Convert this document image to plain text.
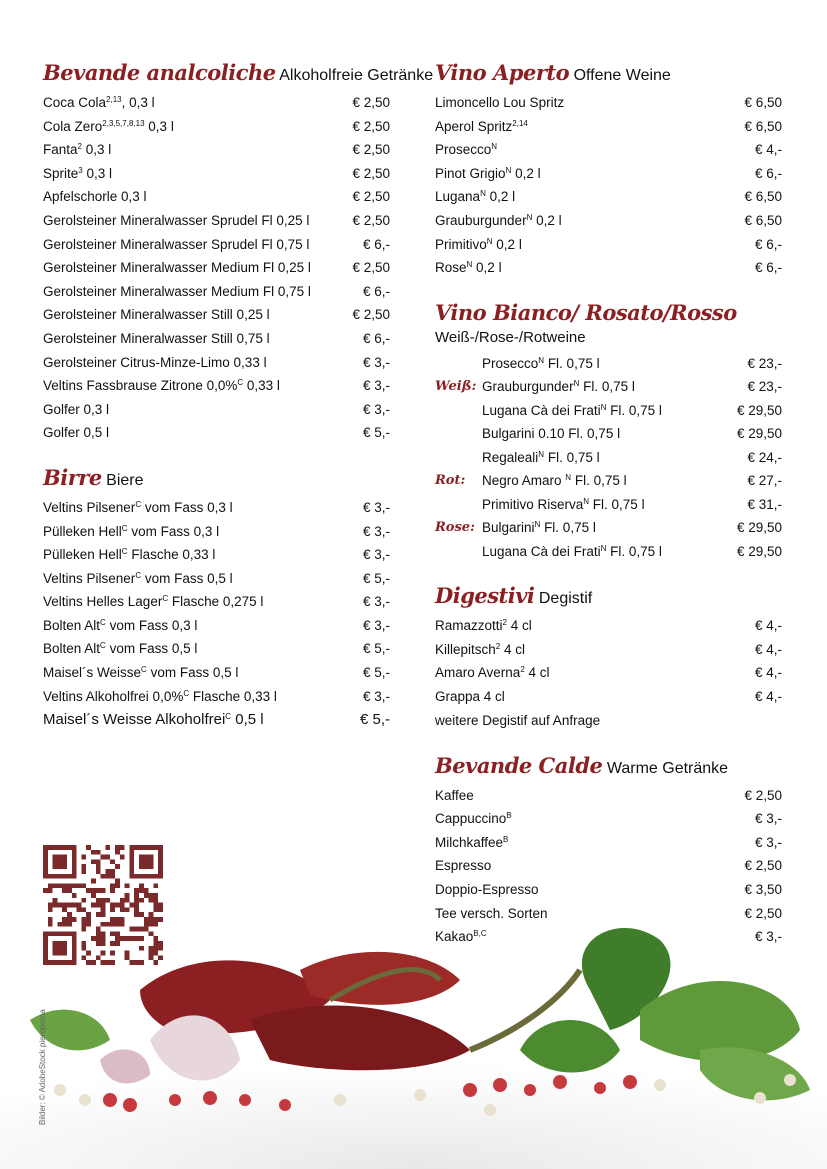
Bevande analcoliche Alkoholfreie Getränke
Coca Cola$^{2,13}$, 0,3 l	€ 2,50
Cola Zero$^{2,3,5,7,8,13}$ 0,3 l	€ 2,50
Fanta$^2$ 0,3 l	€ 2,50
Sprite$^3$ 0,3 l	€ 2,50
Apfelschorle 0,3 l	€ 2,50
Gerolsteiner Mineralwasser Sprudel Fl 0,25 l	€ 2,50
Gerolsteiner Mineralwasser Sprudel Fl 0,75 l	€ 6,-
Gerolsteiner Mineralwasser Medium Fl 0,25 l	€ 2,50
Gerolsteiner Mineralwasser Medium Fl 0,75 l	€ 6,-
Gerolsteiner Mineralwasser Still 0,25 l	€ 2,50
Gerolsteiner Mineralwasser Still 0,75 l	€ 6,-
Gerolsteiner Citrus-Minze-Limo 0,33 l	€ 3,-
Veltins Fassbrause Zitrone 0,0%$^C$ 0,33 l	€ 3,-
Golfer 0,3 l	€ 3,-
Golfer 0,5 l	€ 5,-
Birre Biere
Veltins Pilsener$^C$ vom Fass 0,3 l	€ 3,-
Pülleken Hell$^C$ vom Fass 0,3 l	€ 3,-
Pülleken Hell$^C$ Flasche 0,33 l	€ 3,-
Veltins Pilsener$^C$ vom Fass 0,5 l	€ 5,-
Veltins Helles Lager$^C$ Flasche 0,275 l	€ 3,-
Bolten Alt$^C$ vom Fass 0,3 l	€ 3,-
Bolten Alt$^C$ vom Fass 0,5 l	€ 5,-
Maisel´s Weisse$^C$ vom Fass 0,5 l	€ 5,-
Veltins Alkoholfrei 0,0%$^C$ Flasche 0,33 l	€ 3,-
Maisel´s Weisse Alkoholfrei$^C$ 0,5 l	€ 5,-
Vino Aperto Offene Weine
Limoncello Lou Spritz	€ 6,50
Aperol Spritz$^{2,14}$	€ 6,50
Prosecco$^N$	€ 4,-
Pinot Grigio$^N$ 0,2 l	€ 6,-
Lugana$^N$ 0,2 l	€ 6,50
Grauburgunder$^N$ 0,2 l	€ 6,50
Primitivo$^N$ 0,2 l	€ 6,-
Rose$^N$ 0,2 l	€ 6,-
Vino Bianco/ Rosato/Rosso
Weiß-/Rose-/Rotweine
Prosecco$^N$ Fl. 0,75 l	€ 23,-
Weiß: Grauburgunder$^N$ Fl. 0,75 l	€ 23,-
Lugana Cà dei Frati$^N$ Fl. 0,75 l	€ 29,50
Bulgarini 0.10 Fl. 0,75 l	€ 29,50
Regaleali$^N$ Fl. 0,75 l	€ 24,-
Rot:	Negro Amaro $^N$ Fl. 0,75 l	€ 27,-
Primitivo Riserva$^N$ Fl. 0,75 l	€ 31,-
Rose: Bulgarini$^N$ Fl. 0,75 l	€ 29,50
Lugana Cà dei Frati$^N$ Fl. 0,75 l	€ 29,50
Digestivi Degistif
Ramazzotti$^2$ 4 cl	€ 4,-
Killepitsch$^2$ 4 cl	€ 4,-
Amaro Averna$^2$ 4 cl	€ 4,-
Grappa 4 cl	€ 4,-
weitere Degistif auf Anfrage
Bevande Calde Warme Getränke
Kaffee	€ 2,50
Cappuccino$^B$	€ 3,-
Milchkaffee$^B$	€ 3,-
Espresso	€ 2,50
Doppio-Espresso	€ 3,50
Tee versch. Sorten	€ 2,50
Kakao$^{B,C}$	€ 3,-
Bilder: © AdobeStock pieropoma
